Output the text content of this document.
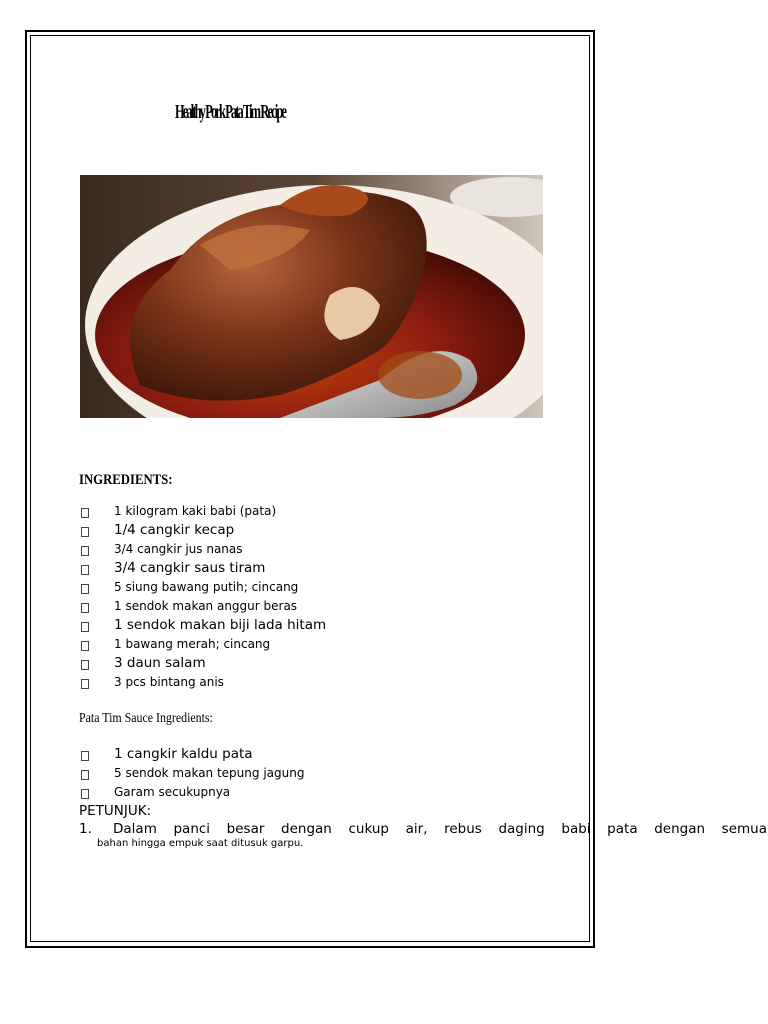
Healthy Pork Pata Tim Recipe
INGREDIENTS:
1 kilogram kaki babi (pata)
1/4 cangkir kecap
3/4 cangkir jus nanas
3/4 cangkir saus tiram
5 siung bawang putih; cincang
1 sendok makan anggur beras
1 sendok makan biji lada hitam
1 bawang merah; cincang
3 daun salam
3 pcs bintang anis
Pata Tim Sauce Ingredients:
1 cangkir kaldu pata
5 sendok makan tepung jagung
Garam secukupnya
PETUNJUK:
1. Dalam panci besar dengan cukup air, rebus daging babi pata dengan semua
bahan hingga empuk saat ditusuk garpu.
